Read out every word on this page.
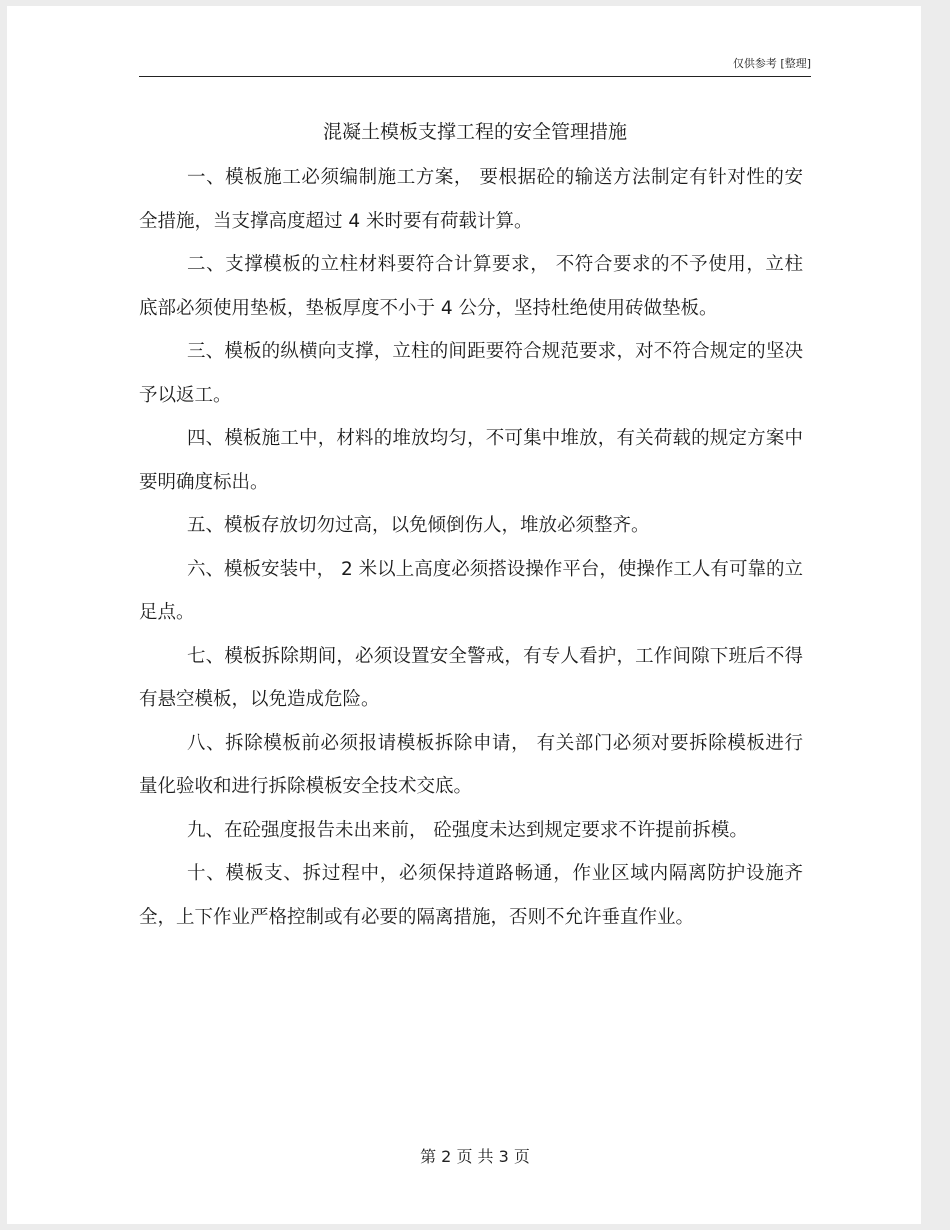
仅供参考 [整理]
混凝土模板支撑工程的安全管理措施

一、模板施工必须编制施工方案， 要根据砼的输送方法制定有针对性的安全措施，当支撑高度超过 4 米时要有荷载计算。

二、支撑模板的立柱材料要符合计算要求， 不符合要求的不予使用，立柱底部必须使用垫板，垫板厚度不小于 4 公分，坚持杜绝使用砖做垫板。

三、模板的纵横向支撑，立柱的间距要符合规范要求，对不符合规定的坚决予以返工。

四、模板施工中，材料的堆放均匀，不可集中堆放，有关荷载的规定方案中要明确度标出。

五、模板存放切勿过高，以免倾倒伤人，堆放必须整齐。

六、模板安装中， 2 米以上高度必须搭设操作平台，使操作工人有可靠的立足点。

七、模板拆除期间，必须设置安全警戒，有专人看护，工作间隙下班后不得有悬空模板，以免造成危险。

八、拆除模板前必须报请模板拆除申请， 有关部门必须对要拆除模板进行量化验收和进行拆除模板安全技术交底。

九、在砼强度报告未出来前， 砼强度未达到规定要求不许提前拆模。

十、模板支、拆过程中，必须保持道路畅通，作业区域内隔离防护设施齐全，上下作业严格控制或有必要的隔离措施，否则不允许垂直作业。

第 2 页 共 3 页
